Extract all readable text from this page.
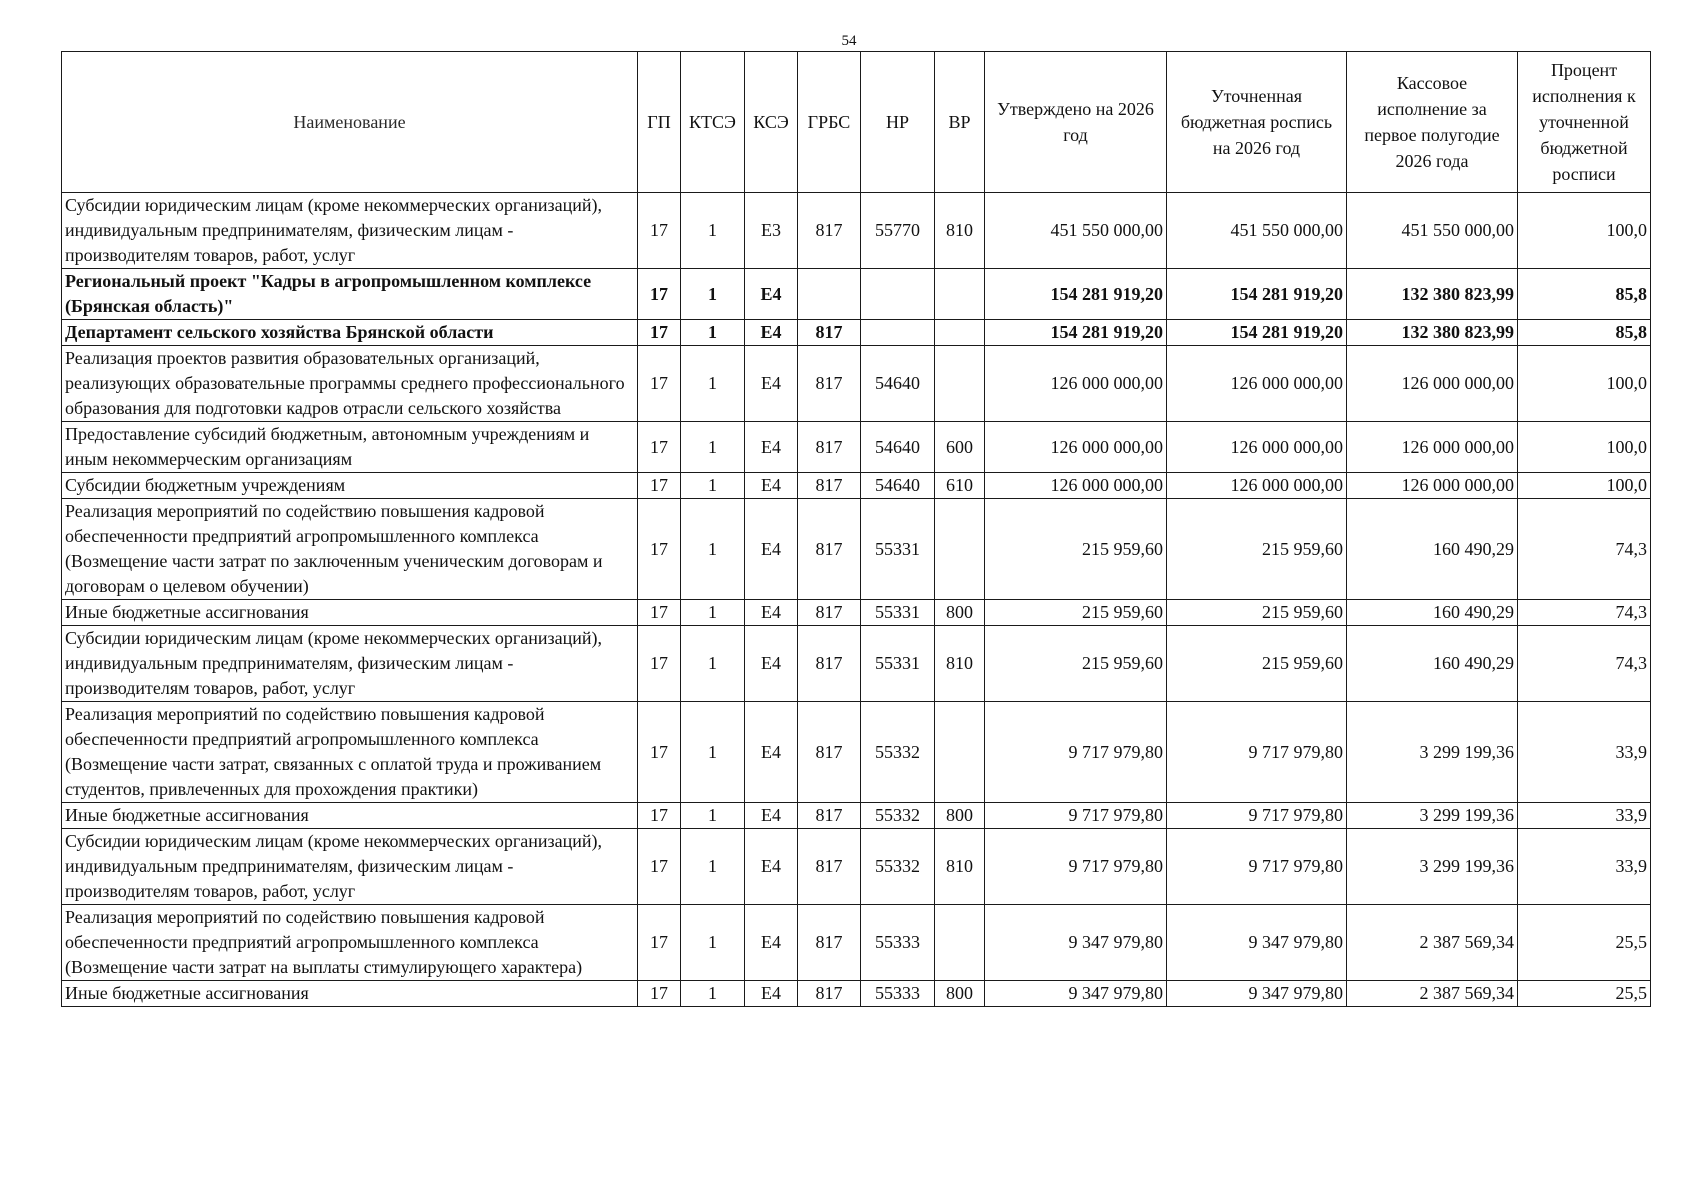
54
Наименование	ГП	КТСЭ	КСЭ	ГРБС	НР	ВР	Утверждено на 2026 год	Уточненная бюджетная роспись на 2026 год	Кассовое исполнение за первое полугодие 2026 года	Процент исполнения к уточненной бюджетной росписи
Субсидии юридическим лицам (кроме некоммерческих организаций), индивидуальным предпринимателям, физическим лицам - производителям товаров, работ, услуг	17	1	Е3	817	55770	810	451 550 000,00	451 550 000,00	451 550 000,00	100,0
Региональный проект "Кадры в агропромышленном комплексе (Брянская область)"	17	1	Е4				154 281 919,20	154 281 919,20	132 380 823,99	85,8
Департамент сельского хозяйства Брянской области	17	1	Е4	817			154 281 919,20	154 281 919,20	132 380 823,99	85,8
Реализация проектов развития образовательных организаций, реализующих образовательные программы среднего профессионального образования для подготовки кадров отрасли сельского хозяйства	17	1	Е4	817	54640		126 000 000,00	126 000 000,00	126 000 000,00	100,0
Предоставление субсидий бюджетным, автономным учреждениям и иным некоммерческим организациям	17	1	Е4	817	54640	600	126 000 000,00	126 000 000,00	126 000 000,00	100,0
Субсидии бюджетным учреждениям	17	1	Е4	817	54640	610	126 000 000,00	126 000 000,00	126 000 000,00	100,0
Реализация мероприятий по содействию повышения кадровой обеспеченности предприятий агропромышленного комплекса (Возмещение части затрат по заключенным ученическим договорам и договорам о целевом обучении)	17	1	Е4	817	55331		215 959,60	215 959,60	160 490,29	74,3
Иные бюджетные ассигнования	17	1	Е4	817	55331	800	215 959,60	215 959,60	160 490,29	74,3
Субсидии юридическим лицам (кроме некоммерческих организаций), индивидуальным предпринимателям, физическим лицам - производителям товаров, работ, услуг	17	1	Е4	817	55331	810	215 959,60	215 959,60	160 490,29	74,3
Реализация мероприятий по содействию повышения кадровой обеспеченности предприятий агропромышленного комплекса (Возмещение части затрат, связанных с оплатой труда и проживанием студентов, привлеченных для прохождения практики)	17	1	Е4	817	55332		9 717 979,80	9 717 979,80	3 299 199,36	33,9
Иные бюджетные ассигнования	17	1	Е4	817	55332	800	9 717 979,80	9 717 979,80	3 299 199,36	33,9
Субсидии юридическим лицам (кроме некоммерческих организаций), индивидуальным предпринимателям, физическим лицам - производителям товаров, работ, услуг	17	1	Е4	817	55332	810	9 717 979,80	9 717 979,80	3 299 199,36	33,9
Реализация мероприятий по содействию повышения кадровой обеспеченности предприятий агропромышленного комплекса (Возмещение части затрат на выплаты стимулирующего характера)	17	1	Е4	817	55333		9 347 979,80	9 347 979,80	2 387 569,34	25,5
Иные бюджетные ассигнования	17	1	Е4	817	55333	800	9 347 979,80	9 347 979,80	2 387 569,34	25,5
